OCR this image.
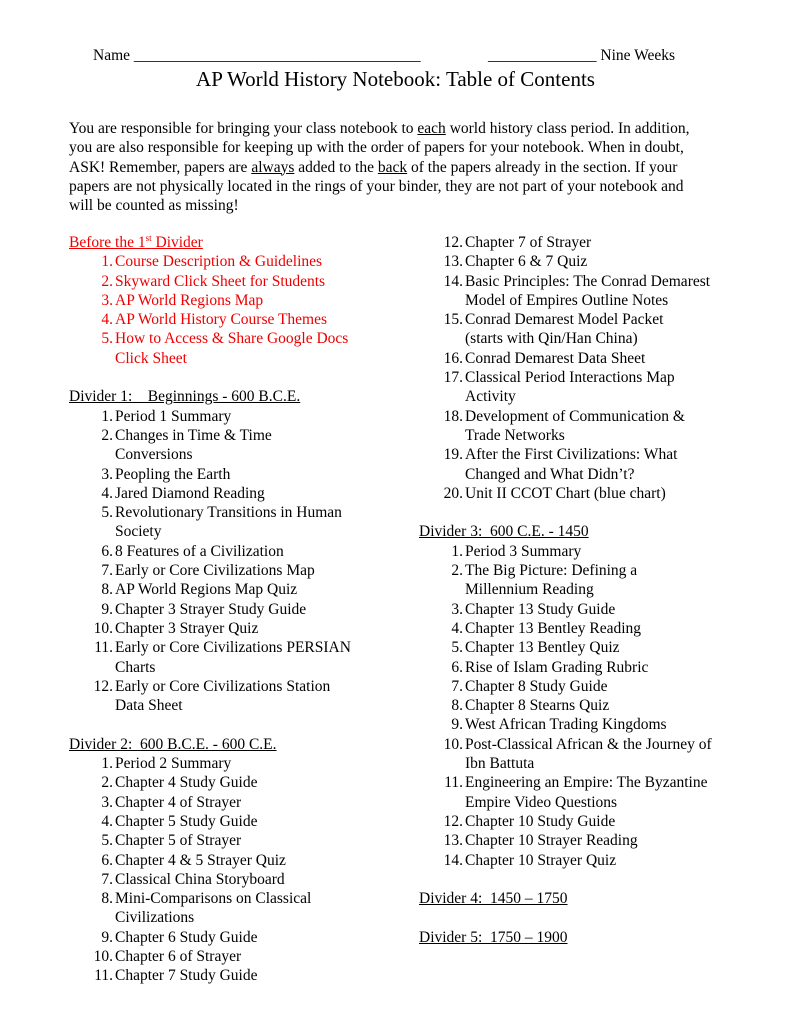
Name _____________________________________	______________ Nine Weeks
AP World History Notebook: Table of Contents
You are responsible for bringing your class notebook to each world history class period. In addition, you are also responsible for keeping up with the order of papers for your notebook. When in doubt, ASK! Remember, papers are always added to the back of the papers already in the section. If your papers are not physically located in the rings of your binder, they are not part of your notebook and will be counted as missing!
Before the 1st Divider
1. Course Description & Guidelines
2. Skyward Click Sheet for Students
3. AP World Regions Map
4. AP World History Course Themes
5. How to Access & Share Google Docs Click Sheet
Divider 1:    Beginnings - 600 B.C.E.
1. Period 1 Summary
2. Changes in Time & Time Conversions
3. Peopling the Earth
4. Jared Diamond Reading
5. Revolutionary Transitions in Human Society
6. 8 Features of a Civilization
7. Early or Core Civilizations Map
8. AP World Regions Map Quiz
9. Chapter 3 Strayer Study Guide
10. Chapter 3 Strayer Quiz
11. Early or Core Civilizations PERSIAN Charts
12. Early or Core Civilizations Station Data Sheet
Divider 2:  600 B.C.E. - 600 C.E.
1. Period 2 Summary
2. Chapter 4 Study Guide
3. Chapter 4 of Strayer
4. Chapter 5 Study Guide
5. Chapter 5 of Strayer
6. Chapter 4 & 5 Strayer Quiz
7. Classical China Storyboard
8. Mini-Comparisons on Classical Civilizations
9. Chapter 6 Study Guide
10. Chapter 6 of Strayer
11. Chapter 7 Study Guide
12. Chapter 7 of Strayer
13. Chapter 6 & 7 Quiz
14. Basic Principles: The Conrad Demarest Model of Empires Outline Notes
15. Conrad Demarest Model Packet (starts with Qin/Han China)
16. Conrad Demarest Data Sheet
17. Classical Period Interactions Map Activity
18. Development of Communication & Trade Networks
19. After the First Civilizations: What Changed and What Didn’t?
20. Unit II CCOT Chart (blue chart)
Divider 3:  600 C.E. - 1450
1. Period 3 Summary
2. The Big Picture: Defining a Millennium Reading
3. Chapter 13 Study Guide
4. Chapter 13 Bentley Reading
5. Chapter 13 Bentley Quiz
6. Rise of Islam Grading Rubric
7. Chapter 8 Study Guide
8. Chapter 8 Stearns Quiz
9. West African Trading Kingdoms
10. Post-Classical African & the Journey of Ibn Battuta
11. Engineering an Empire: The Byzantine Empire Video Questions
12. Chapter 10 Study Guide
13. Chapter 10 Strayer Reading
14. Chapter 10 Strayer Quiz
Divider 4:  1450 – 1750
Divider 5:  1750 – 1900
